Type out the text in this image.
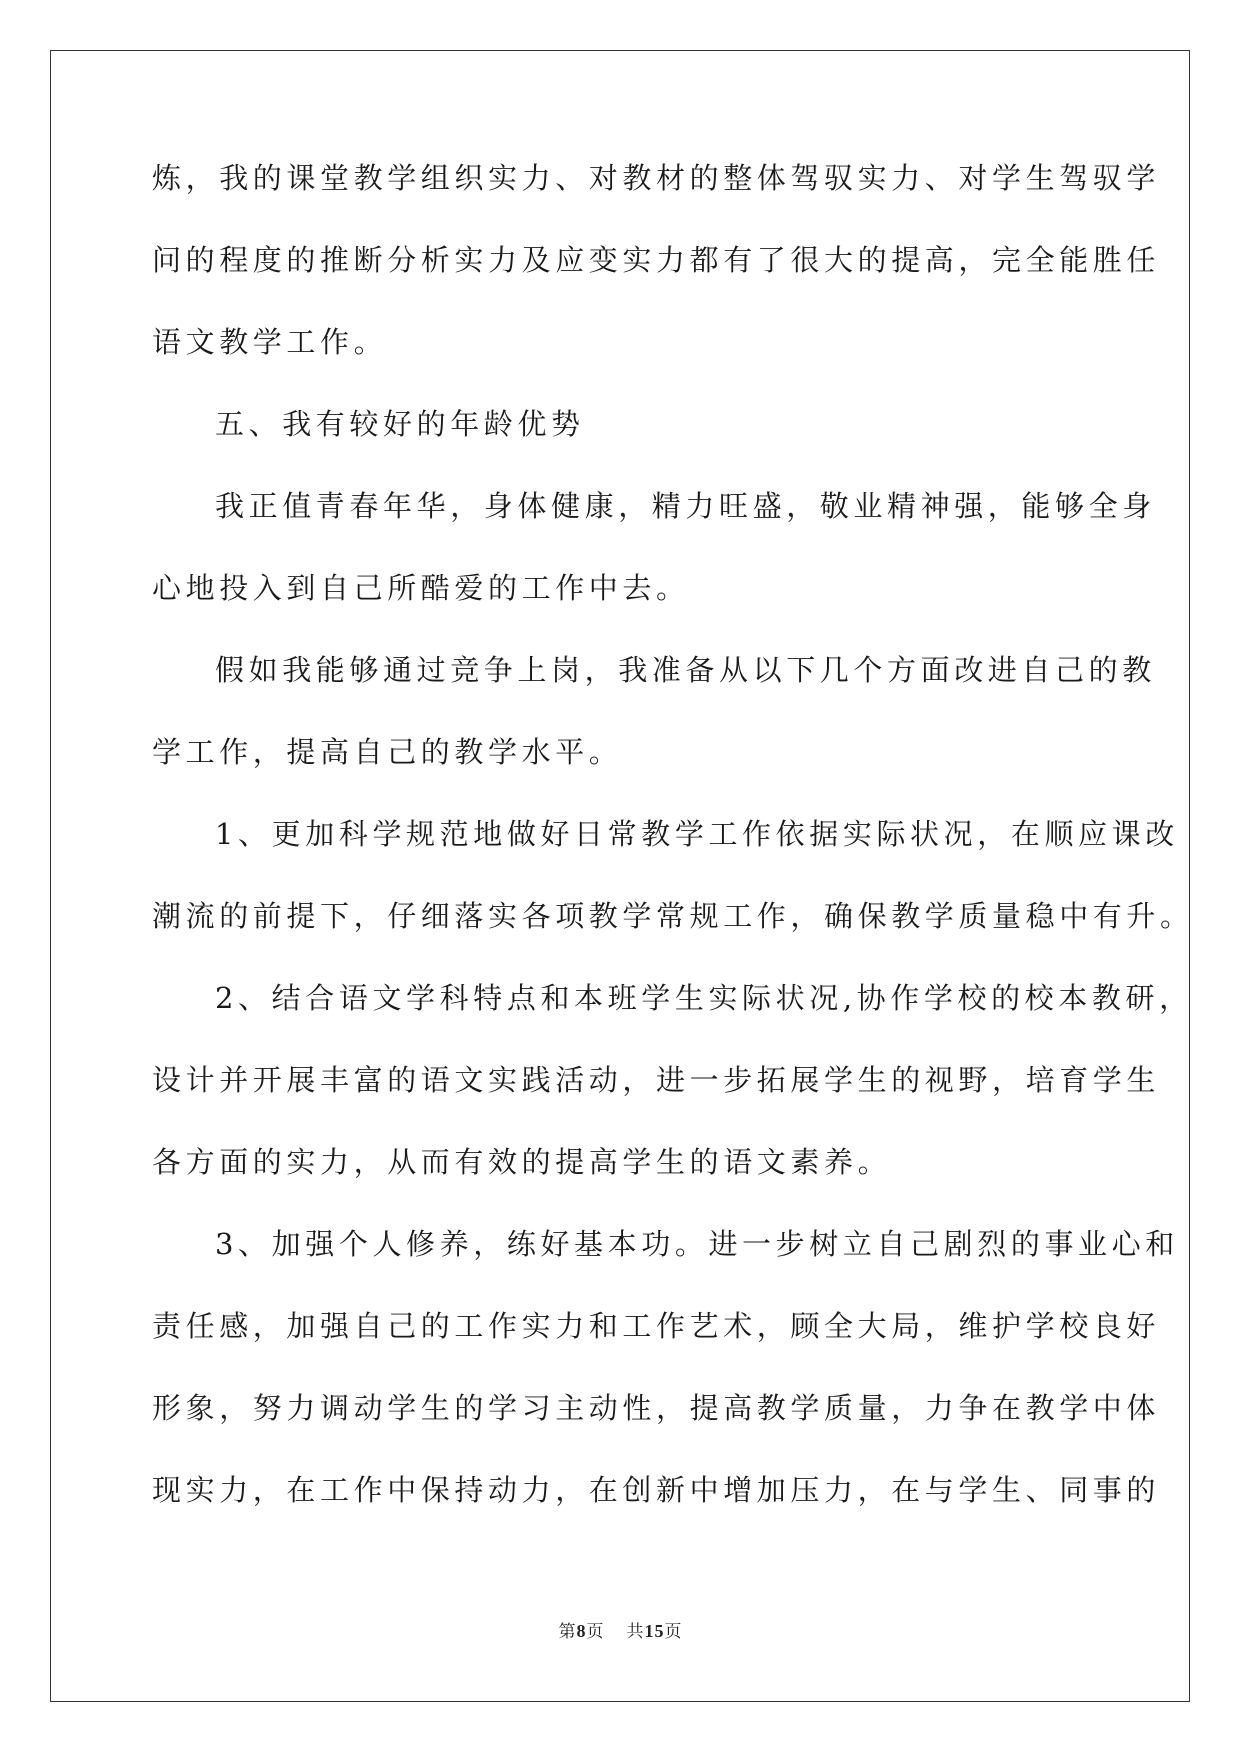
炼，我的课堂教学组织实力、对教材的整体驾驭实力、对学生驾驭学
问的程度的推断分析实力及应变实力都有了很大的提高，完全能胜任
语文教学工作。
五、我有较好的年龄优势
我正值青春年华，身体健康，精力旺盛，敬业精神强，能够全身
心地投入到自己所酷爱的工作中去。
假如我能够通过竞争上岗，我准备从以下几个方面改进自己的教
学工作，提高自己的教学水平。
1、更加科学规范地做好日常教学工作依据实际状况，在顺应课改
潮流的前提下，仔细落实各项教学常规工作，确保教学质量稳中有升。
2、结合语文学科特点和本班学生实际状况,协作学校的校本教研，
设计并开展丰富的语文实践活动，进一步拓展学生的视野，培育学生
各方面的实力，从而有效的提高学生的语文素养。
3、加强个人修养，练好基本功。进一步树立自己剧烈的事业心和
责任感，加强自己的工作实力和工作艺术，顾全大局，维护学校良好
形象，努力调动学生的学习主动性，提高教学质量，力争在教学中体
现实力，在工作中保持动力，在创新中增加压力，在与学生、同事的
第8页 共15页
